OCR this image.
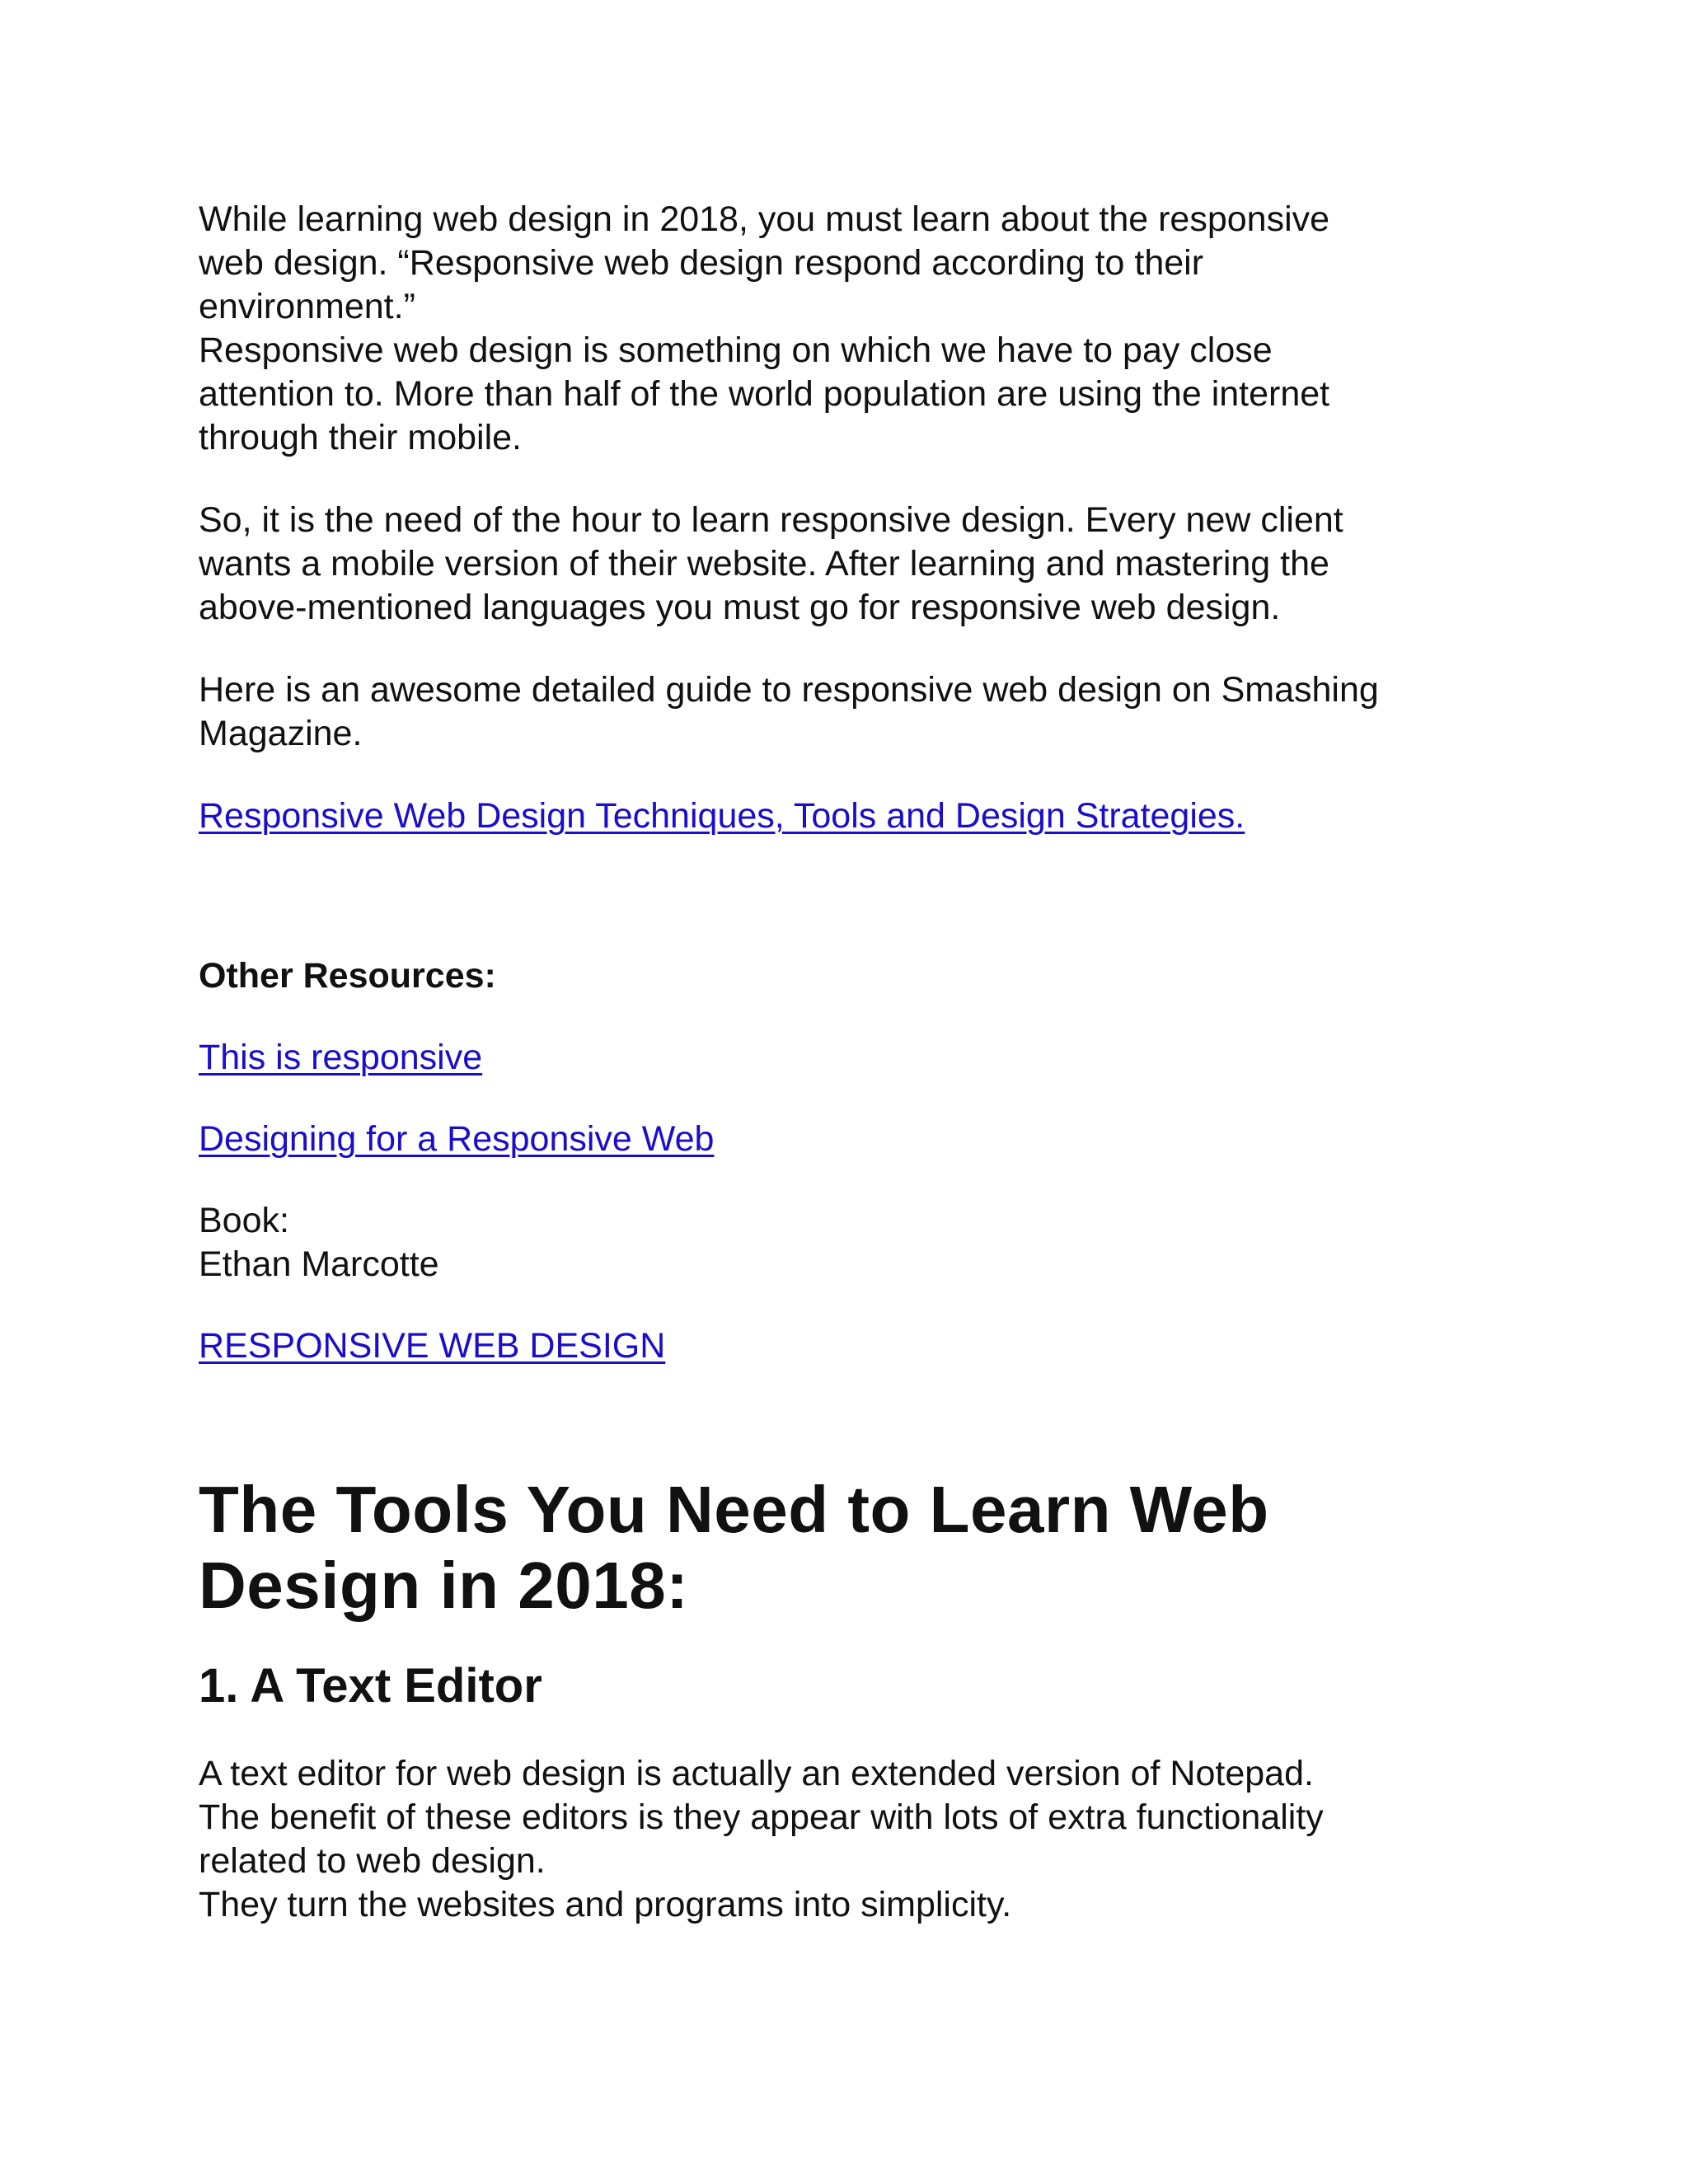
While learning web design in 2018, you must learn about the responsive
web design. “Responsive web design respond according to their
environment.”
Responsive web design is something on which we have to pay close
attention to. More than half of the world population are using the internet
through their mobile.

So, it is the need of the hour to learn responsive design. Every new client
wants a mobile version of their website. After learning and mastering the
above-mentioned languages you must go for responsive web design.

Here is an awesome detailed guide to responsive web design on Smashing
Magazine.

Responsive Web Design Techniques, Tools and Design Strategies.

Other Resources:

This is responsive

Designing for a Responsive Web

Book:
Ethan Marcotte

RESPONSIVE WEB DESIGN

The Tools You Need to Learn Web
Design in 2018:
1. A Text Editor

A text editor for web design is actually an extended version of Notepad.
The benefit of these editors is they appear with lots of extra functionality
related to web design.
They turn the websites and programs into simplicity.
